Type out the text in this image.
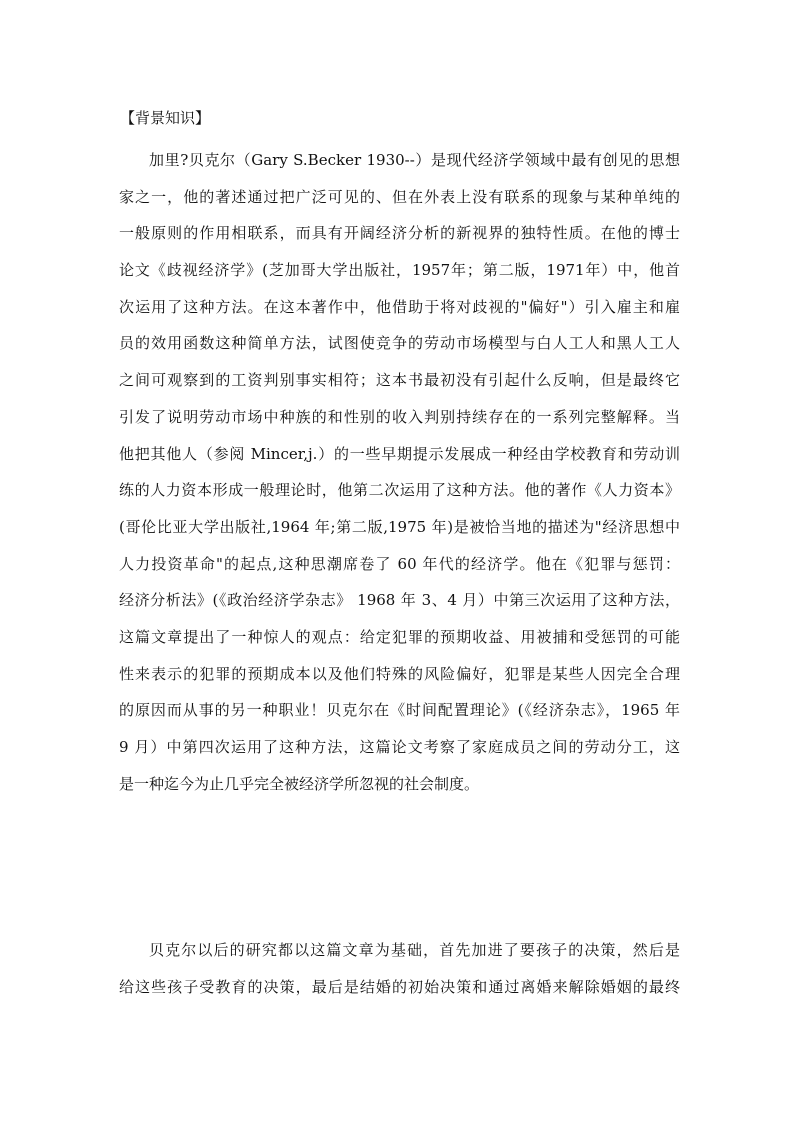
【背景知识】
加里?贝克尔（Gary S.Becker 1930--）是现代经济学领域中最有创见的思想
家之一，他的著述通过把广泛可见的、但在外表上没有联系的现象与某种单纯的
一般原则的作用相联系，而具有开阔经济分析的新视界的独特性质。在他的博士
论文《歧视经济学》(芝加哥大学出版社，1957年；第二版，1971年）中，他首
次运用了这种方法。在这本著作中，他借助于将对歧视的"偏好"）引入雇主和雇
员的效用函数这种简单方法，试图使竞争的劳动市场模型与白人工人和黑人工人
之间可观察到的工资判别事实相符；这本书最初没有引起什么反响，但是最终它
引发了说明劳动市场中种族的和性别的收入判别持续存在的一系列完整解释。当
他把其他人（参阅 Mincer,j.）的一些早期提示发展成一种经由学校教育和劳动训
练的人力资本形成一般理论时，他第二次运用了这种方法。他的著作《人力资本》
(哥伦比亚大学出版社,1964 年;第二版,1975 年)是被恰当地的描述为"经济思想中
人力投资革命"的起点,这种思潮席卷了 60 年代的经济学。他在《犯罪与惩罚：
经济分析法》(《政治经济学杂志》 1968 年 3、4 月）中第三次运用了这种方法，
这篇文章提出了一种惊人的观点：给定犯罪的预期收益、用被捕和受惩罚的可能
性来表示的犯罪的预期成本以及他们特殊的风险偏好，犯罪是某些人因完全合理
的原因而从事的另一种职业！贝克尔在《时间配置理论》(《经济杂志》，1965 年
9 月）中第四次运用了这种方法，这篇论文考察了家庭成员之间的劳动分工，这
是一种迄今为止几乎完全被经济学所忽视的社会制度。
贝克尔以后的研究都以这篇文章为基础，首先加进了要孩子的决策，然后是
给这些孩子受教育的决策，最后是结婚的初始决策和通过离婚来解除婚姻的最终
